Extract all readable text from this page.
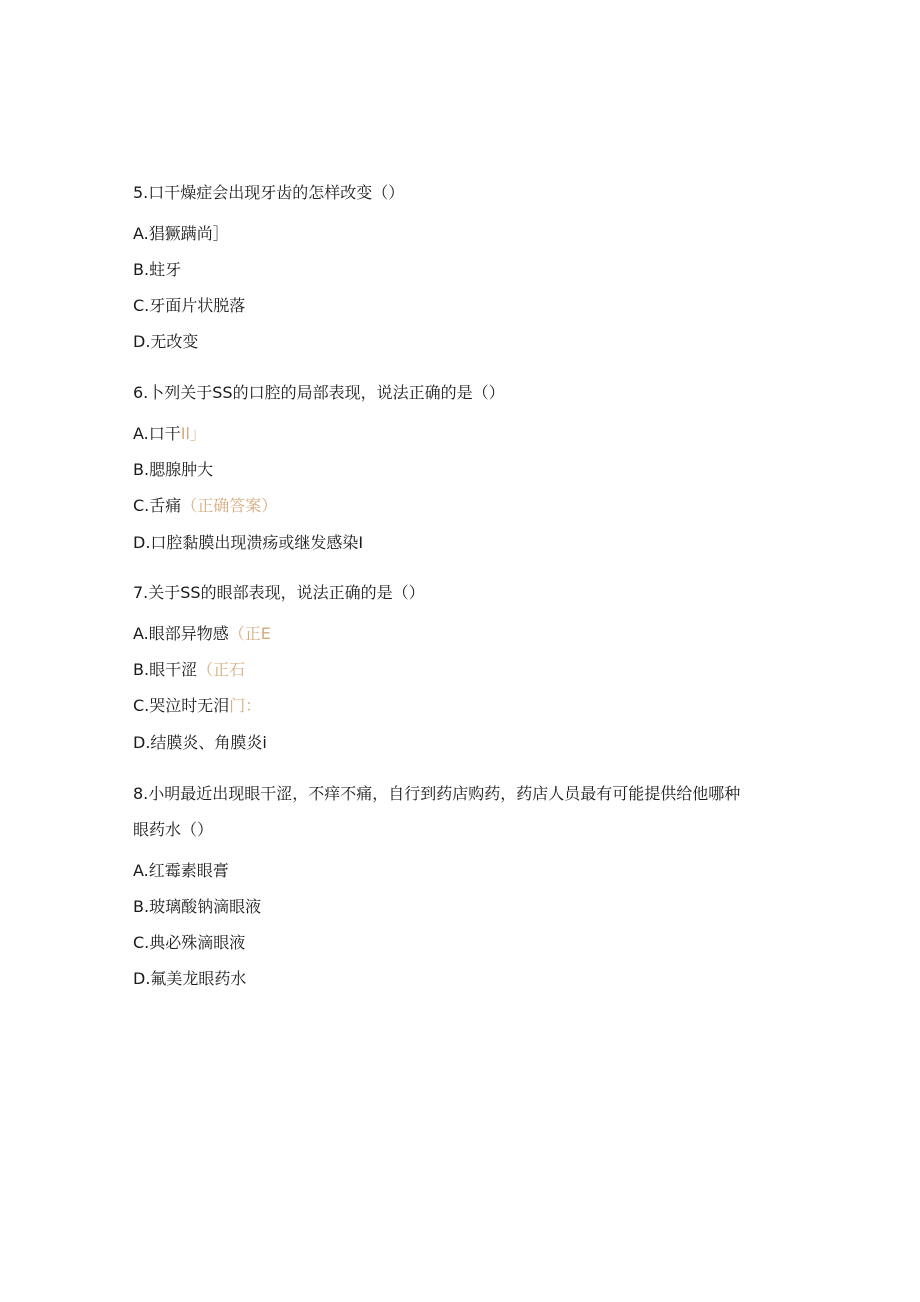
5.口干燥症会出现牙齿的怎样改变（）
A.猖獗蹒尚］
B.蛀牙
C.牙面片状脱落
D.无改变
6.卜列关于SS的口腔的局部表现，说法正确的是（）
A.口干Il」
B.腮腺肿大
C.舌痛（正确答案）
D.口腔黏膜出现溃疡或继发感染I
7.关于SS的眼部表现，说法正确的是（）
A.眼部异物感（正E
B.眼干涩（正石
C.哭泣时无泪门：
D.结膜炎、角膜炎i
8.小明最近出现眼干涩，不痒不痛，自行到药店购药，药店人员最有可能提供给他哪种
眼药水（）
A.红霉素眼膏
B.玻璃酸钠滴眼液
C.典必殊滴眼液
D.氟美龙眼药水
